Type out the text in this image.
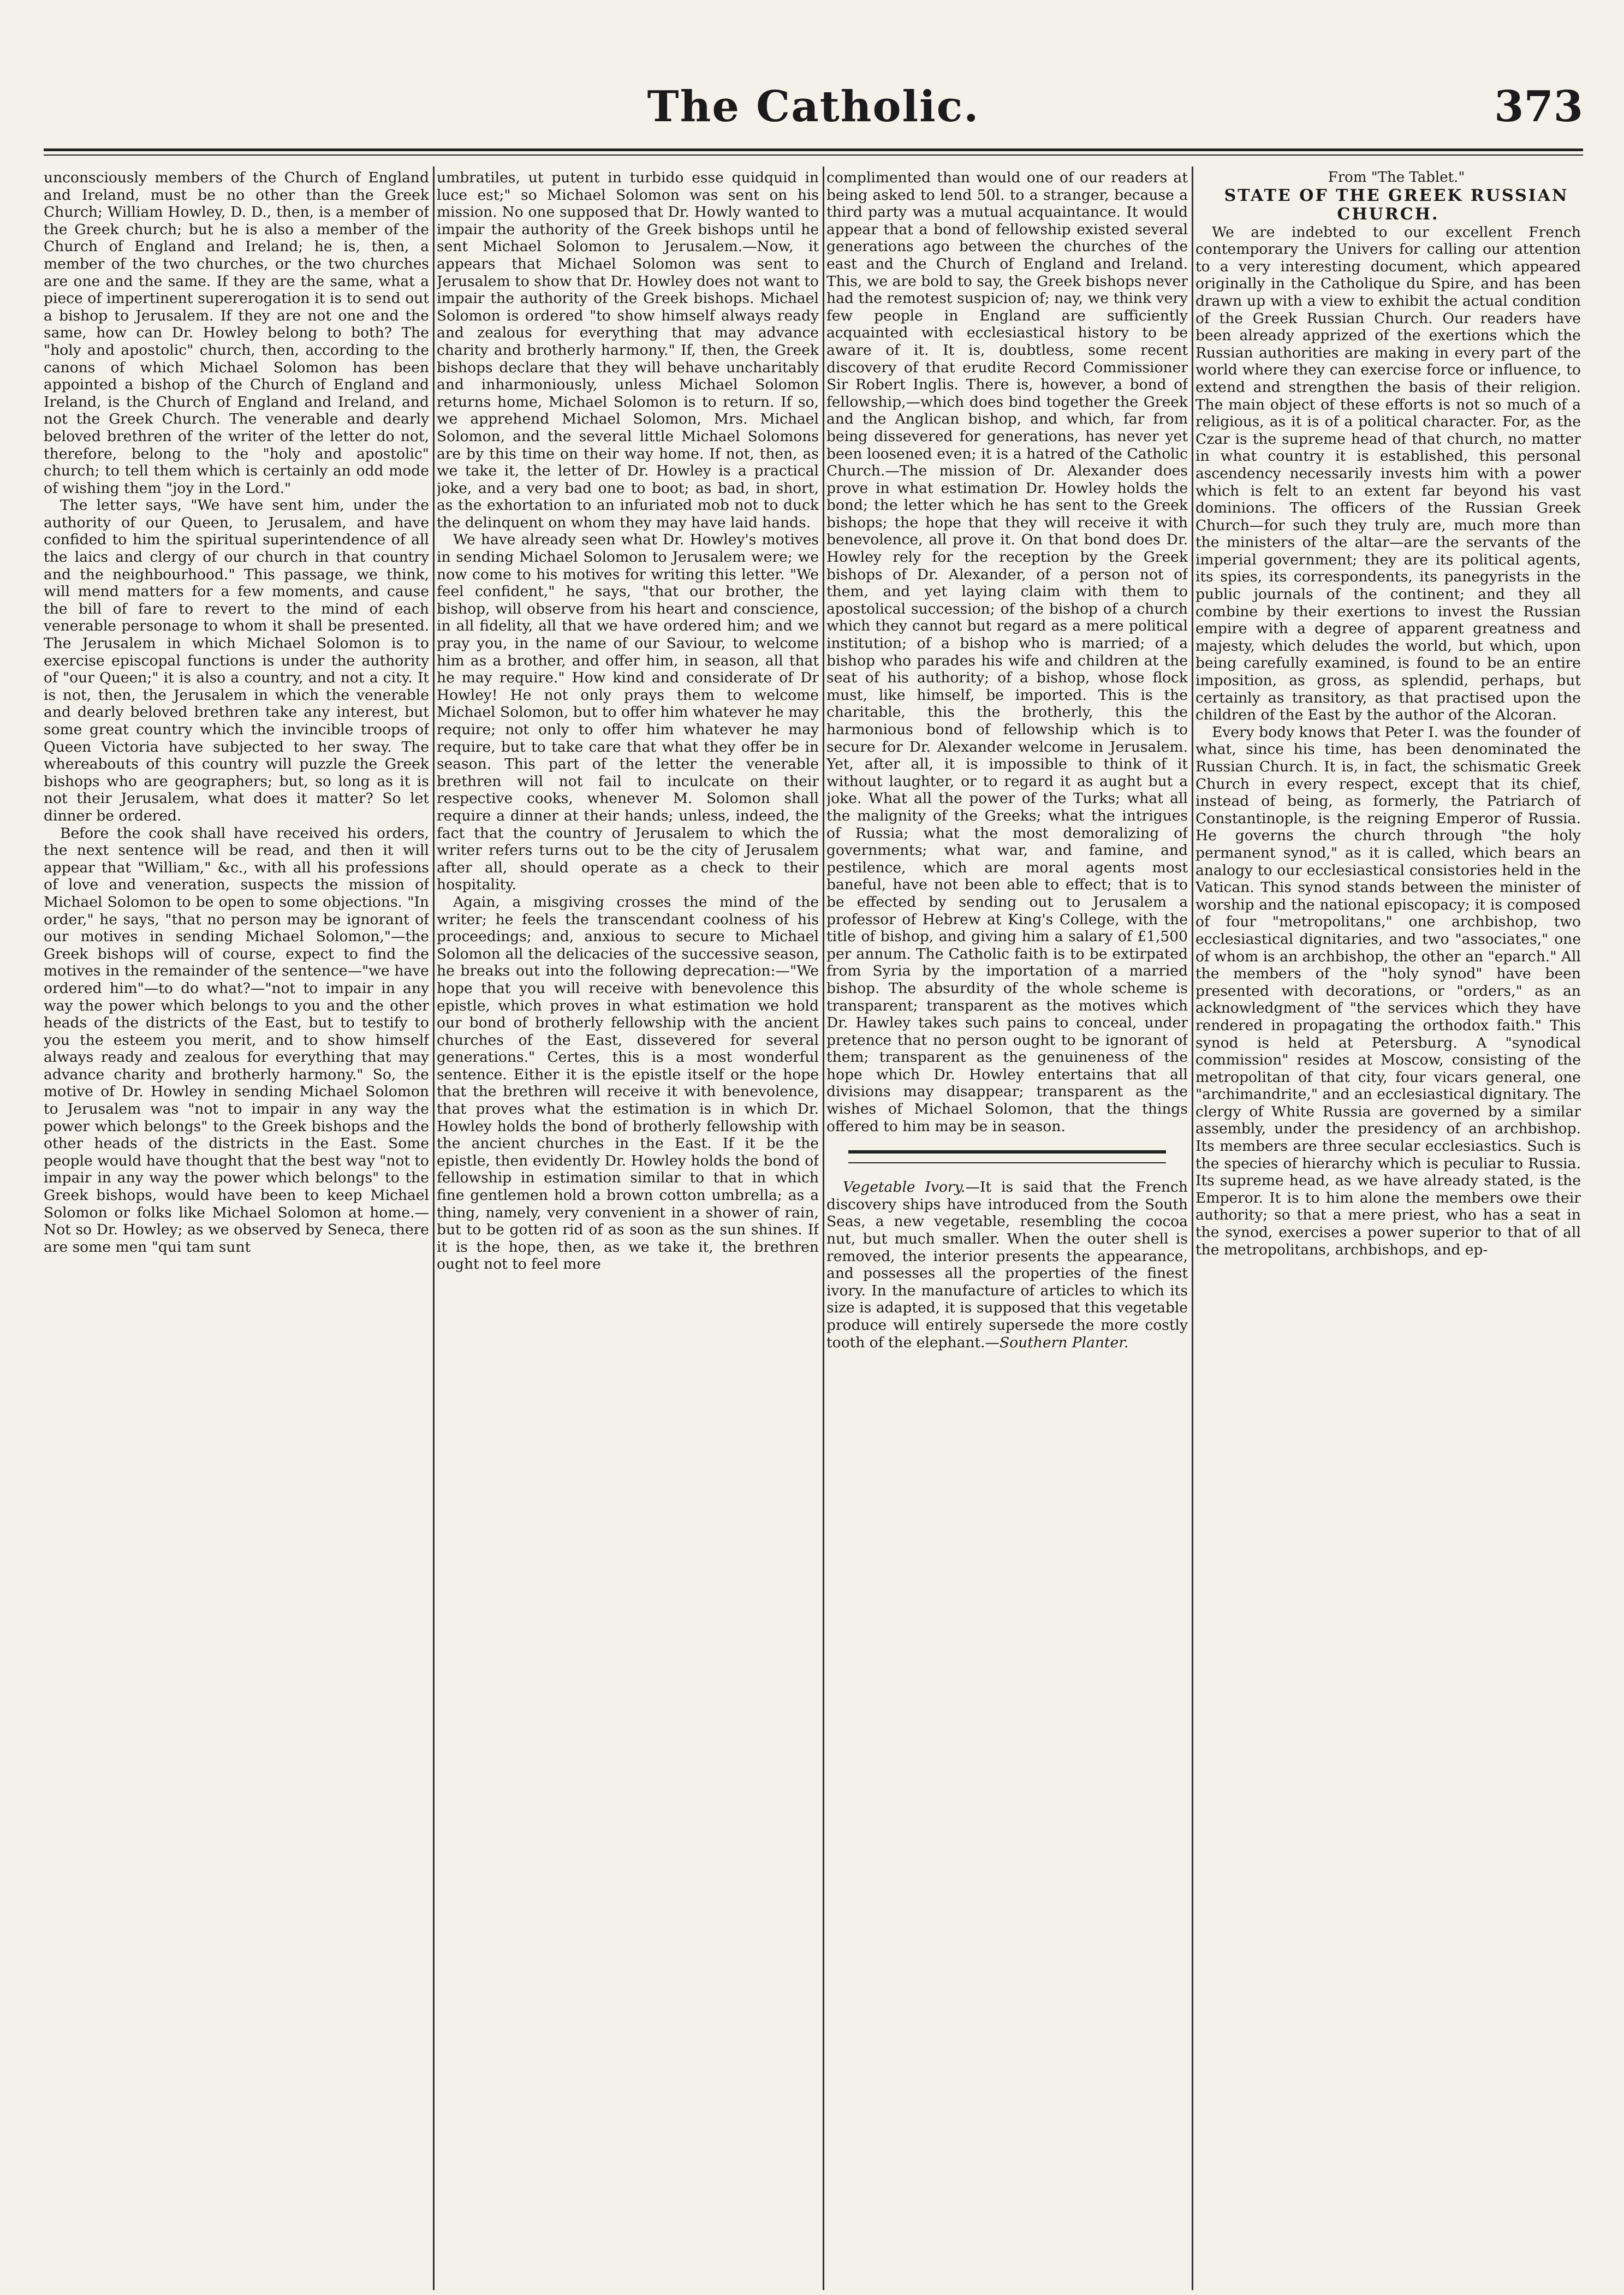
The Catholic.	373

unconsciously members of the Church of England and Ireland, must be no other than the Greek Church; William Howley, D. D., then, is a member of the Greek church; but he is also a member of the Church of England and Ireland; he is, then, a member of the two churches, or the two churches are one and the same. If they are the same, what a piece of impertinent supererogation it is to send out a bishop to Jerusalem. If they are not one and the same, how can Dr. Howley belong to both? The "holy and apostolic" church, then, according to the canons of which Michael Solomon has been appointed a bishop of the Church of England and Ireland, is the Church of England and Ireland, and not the Greek Church. The venerable and dearly beloved brethren of the writer of the letter do not, therefore, belong to the "holy and apostolic" church; to tell them which is certainly an odd mode of wishing them "joy in the Lord."

The letter says, "We have sent him, under the authority of our Queen, to Jerusalem, and have confided to him the spiritual superintendence of all the laics and clergy of our church in that country and the neighbourhood." This passage, we think, will mend matters for a few moments, and cause the bill of fare to revert to the mind of each venerable personage to whom it shall be presented. The Jerusalem in which Michael Solomon is to exercise episcopal functions is under the authority of "our Queen;" it is also a country, and not a city. It is not, then, the Jerusalem in which the venerable and dearly beloved brethren take any interest, but some great country which the invincible troops of Queen Victoria have subjected to her sway. The whereabouts of this country will puzzle the Greek bishops who are geographers; but, so long as it is not their Jerusalem, what does it matter? So let dinner be ordered.

Before the cook shall have received his orders, the next sentence will be read, and then it will appear that "William," &c., with all his professions of love and veneration, suspects the mission of Michael Solomon to be open to some objections. "In order," he says, "that no person may be ignorant of our motives in sending Michael Solomon,"—the Greek bishops will of course, expect to find the motives in the remainder of the sentence—"we have ordered him"—to do what?—"not to impair in any way the power which belongs to you and the other heads of the districts of the East, but to testify to you the esteem you merit, and to show himself always ready and zealous for everything that may advance charity and brotherly harmony." So, the motive of Dr. Howley in sending Michael Solomon to Jerusalem was "not to impair in any way the power which belongs" to the Greek bishops and the other heads of the districts in the East. Some people would have thought that the best way "not to impair in any way the power which belongs" to the Greek bishops, would have been to keep Michael Solomon or folks like Michael Solomon at home.—Not so Dr. Howley; as we observed by Seneca, there are some men "qui tam sunt

umbratiles, ut putent in turbido esse quidquid in luce est;" so Michael Solomon was sent on his mission. No one supposed that Dr. Howly wanted to impair the authority of the Greek bishops until he sent Michael Solomon to Jerusalem.—Now, it appears that Michael Solomon was sent to Jerusalem to show that Dr. Howley does not want to impair the authority of the Greek bishops. Michael Solomon is ordered "to show himself always ready and zealous for everything that may advance charity and brotherly harmony." If, then, the Greek bishops declare that they will behave uncharitably and inharmoniously, unless Michael Solomon returns home, Michael Solomon is to return. If so, we apprehend Michael Solomon, Mrs. Michael Solomon, and the several little Michael Solomons are by this time on their way home. If not, then, as we take it, the letter of Dr. Howley is a practical joke, and a very bad one to boot; as bad, in short, as the exhortation to an infuriated mob not to duck the delinquent on whom they may have laid hands.

We have already seen what Dr. Howley's motives in sending Michael Solomon to Jerusalem were; we now come to his motives for writing this letter. "We feel confident," he says, "that our brother, the bishop, will observe from his heart and conscience, in all fidelity, all that we have ordered him; and we pray you, in the name of our Saviour, to welcome him as a brother, and offer him, in season, all that he may require." How kind and considerate of Dr Howley! He not only prays them to welcome Michael Solomon, but to offer him whatever he may require; not only to offer him whatever he may require, but to take care that what they offer be in season. This part of the letter the venerable brethren will not fail to inculcate on their respective cooks, whenever M. Solomon shall require a dinner at their hands; unless, indeed, the fact that the country of Jerusalem to which the writer refers turns out to be the city of Jerusalem after all, should operate as a check to their hospitality.

Again, a misgiving crosses the mind of the writer; he feels the transcendant coolness of his proceedings; and, anxious to secure to Michael Solomon all the delicacies of the successive season, he breaks out into the following deprecation:—"We hope that you will receive with benevolence this epistle, which proves in what estimation we hold our bond of brotherly fellowship with the ancient churches of the East, dissevered for several generations." Certes, this is a most wonderful sentence. Either it is the epistle itself or the hope that the brethren will receive it with benevolence, that proves what the estimation is in which Dr. Howley holds the bond of brotherly fellowship with the ancient churches in the East. If it be the epistle, then evidently Dr. Howley holds the bond of fellowship in estimation similar to that in which fine gentlemen hold a brown cotton umbrella; as a thing, namely, very convenient in a shower of rain, but to be gotten rid of as soon as the sun shines. If it is the hope, then, as we take it, the brethren ought not to feel more

complimented than would one of our readers at being asked to lend 50l. to a stranger, because a third party was a mutual acquaintance. It would appear that a bond of fellowship existed several generations ago between the churches of the east and the Church of England and Ireland. This, we are bold to say, the Greek bishops never had the remotest suspicion of; nay, we think very few people in England are sufficiently acquainted with ecclesiastical history to be aware of it. It is, doubtless, some recent discovery of that erudite Record Commissioner Sir Robert Inglis. There is, however, a bond of fellowship,—which does bind together the Greek and the Anglican bishop, and which, far from being dissevered for generations, has never yet been loosened even; it is a hatred of the Catholic Church.—The mission of Dr. Alexander does prove in what estimation Dr. Howley holds the bond; the letter which he has sent to the Greek bishops; the hope that they will receive it with benevolence, all prove it. On that bond does Dr. Howley rely for the reception by the Greek bishops of Dr. Alexander, of a person not of them, and yet laying claim with them to apostolical succession; of the bishop of a church which they cannot but regard as a mere political institution; of a bishop who is married; of a bishop who parades his wife and children at the seat of his authority; of a bishop, whose flock must, like himself, be imported. This is the charitable, this the brotherly, this the harmonious bond of fellowship which is to secure for Dr. Alexander welcome in Jerusalem. Yet, after all, it is impossible to think of it without laughter, or to regard it as aught but a joke. What all the power of the Turks; what all the malignity of the Greeks; what the intrigues of Russia; what the most demoralizing of governments; what war, and famine, and pestilence, which are moral agents most baneful, have not been able to effect; that is to be effected by sending out to Jerusalem a professor of Hebrew at King's College, with the title of bishop, and giving him a salary of £1,500 per annum. The Catholic faith is to be extirpated from Syria by the importation of a married bishop. The absurdity of the whole scheme is transparent; transparent as the motives which Dr. Hawley takes such pains to conceal, under pretence that no person ought to be ignorant of them; transparent as the genuineness of the hope which Dr. Howley entertains that all divisions may disappear; transparent as the wishes of Michael Solomon, that the things offered to him may be in season.

Vegetable Ivory.—It is said that the French discovery ships have introduced from the South Seas, a new vegetable, resembling the cocoa nut, but much smaller. When the outer shell is removed, the interior presents the appearance, and possesses all the properties of the finest ivory. In the manufacture of articles to which its size is adapted, it is supposed that this vegetable produce will entirely supersede the more costly tooth of the elephant.—Southern Planter.

From "The Tablet."

STATE OF THE GREEK RUSSIAN CHURCH.

We are indebted to our excellent French contemporary the Univers for calling our attention to a very interesting document, which appeared originally in the Catholique du Spire, and has been drawn up with a view to exhibit the actual condition of the Greek Russian Church. Our readers have been already apprized of the exertions which the Russian authorities are making in every part of the world where they can exercise force or influence, to extend and strengthen the basis of their religion. The main object of these efforts is not so much of a religious, as it is of a political character. For, as the Czar is the supreme head of that church, no matter in what country it is established, this personal ascendency necessarily invests him with a power which is felt to an extent far beyond his vast dominions. The officers of the Russian Greek Church—for such they truly are, much more than the ministers of the altar—are the servants of the imperial government; they are its political agents, its spies, its correspondents, its panegyrists in the public journals of the continent; and they all combine by their exertions to invest the Russian empire with a degree of apparent greatness and majesty, which deludes the world, but which, upon being carefully examined, is found to be an entire imposition, as gross, as splendid, perhaps, but certainly as transitory, as that practised upon the children of the East by the author of the Alcoran.

Every body knows that Peter I. was the founder of what, since his time, has been denominated the Russian Church. It is, in fact, the schismatic Greek Church in every respect, except that its chief, instead of being, as formerly, the Patriarch of Constantinople, is the reigning Emperor of Russia. He governs the church through "the holy permanent synod," as it is called, which bears an analogy to our ecclesiastical consistories held in the Vatican. This synod stands between the minister of worship and the national episcopacy; it is composed of four "metropolitans," one archbishop, two ecclesiastical dignitaries, and two "associates," one of whom is an archbishop, the other an "eparch." All the members of the "holy synod" have been presented with decorations, or "orders," as an acknowledgment of "the services which they have rendered in propagating the orthodox faith." This synod is held at Petersburg. A "synodical commission" resides at Moscow, consisting of the metropolitan of that city, four vicars general, one "archimandrite," and an ecclesiastical dignitary. The clergy of White Russia are governed by a similar assembly, under the presidency of an archbishop. Its members are three secular ecclesiastics. Such is the species of hierarchy which is peculiar to Russia. Its supreme head, as we have already stated, is the Emperor. It is to him alone the members owe their authority; so that a mere priest, who has a seat in the synod, exercises a power superior to that of all the metropolitans, archbishops, and ep-
